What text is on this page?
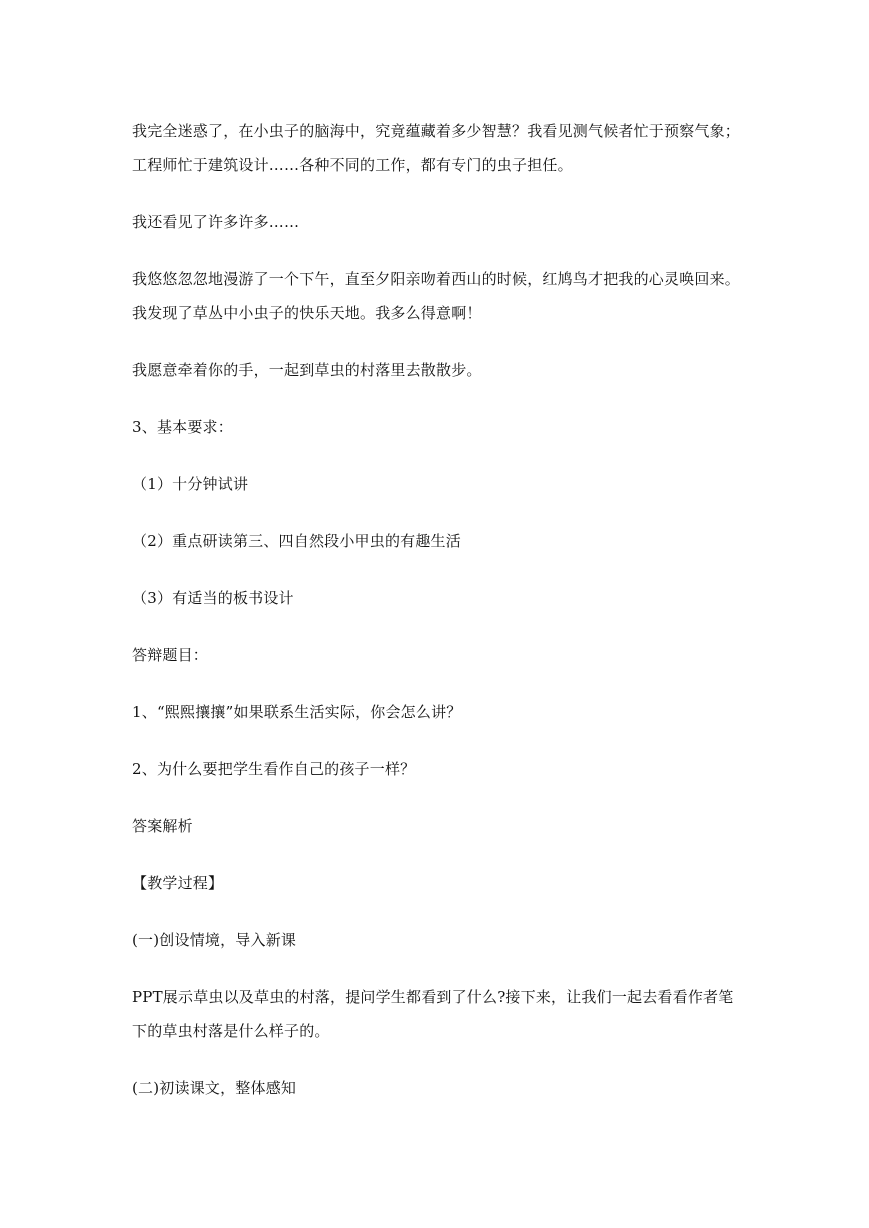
我完全迷惑了，在小虫子的脑海中，究竟蕴藏着多少智慧？我看见测气候者忙于预察气象；
工程师忙于建筑设计……各种不同的工作，都有专门的虫子担任。
我还看见了许多许多……
我悠悠忽忽地漫游了一个下午，直至夕阳亲吻着西山的时候，红鸠鸟才把我的心灵唤回来。
我发现了草丛中小虫子的快乐天地。我多么得意啊！
我愿意牵着你的手，一起到草虫的村落里去散散步。
3、基本要求：
（1）十分钟试讲
（2）重点研读第三、四自然段小甲虫的有趣生活
（3）有适当的板书设计
答辩题目：
1、“熙熙攘攘”如果联系生活实际，你会怎么讲？
2、为什么要把学生看作自己的孩子一样？
答案解析
【教学过程】
(一)创设情境，导入新课
PPT展示草虫以及草虫的村落，提问学生都看到了什么?接下来，让我们一起去看看作者笔
下的草虫村落是什么样子的。
(二)初读课文，整体感知
